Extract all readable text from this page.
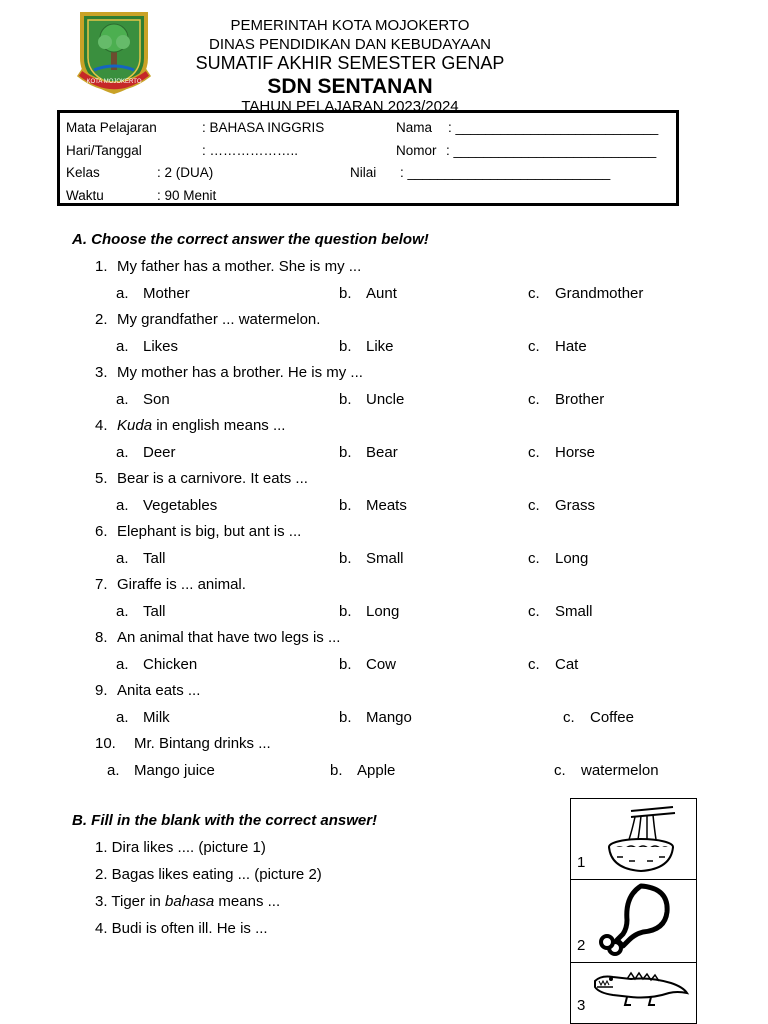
KOTA MOJOKERTO
PEMERINTAH KOTA MOJOKERTO
DINAS PENDIDIKAN DAN KEBUDAYAAN
SUMATIF AKHIR SEMESTER GENAP
SDN SENTANAN
TAHUN PELAJARAN 2023/2024
Mata Pelajaran	: BAHASA INGGRIS
Hari/Tanggal	: ………………..
Kelas	: 2 (DUA)
Waktu	: 90 Menit
Nama : ___________________________
Nomor : ___________________________
Nilai : ___________________________
A. Choose the correct answer the question below!
1. My father has a mother. She is my ...
a. Mother	b. Aunt	c. Grandmother
2. My grandfather ... watermelon.
a. Likes	b. Like	c. Hate
3. My mother has a brother. He is my ...
a. Son	b. Uncle	c. Brother
4. Kuda in english means ...
a. Deer	b. Bear	c. Horse
5. Bear is a carnivore. It eats ...
a. Vegetables	b. Meats	c. Grass
6. Elephant is big, but ant is ...
a. Tall	b. Small	c. Long
7. Giraffe is ... animal.
a. Tall	b. Long	c. Small
8. An animal that have two legs is ...
a. Chicken	b. Cow	c. Cat
9. Anita eats ...
a. Milk	b. Mango	c. Coffee
10. Mr. Bintang drinks ...
a. Mango juice	b. Apple	c. watermelon
B. Fill in the blank with the correct answer!
1. Dira likes .... (picture 1)
2. Bagas likes eating ... (picture 2)
3. Tiger in bahasa means ...
4. Budi is often ill. He is ...
1
2
3
